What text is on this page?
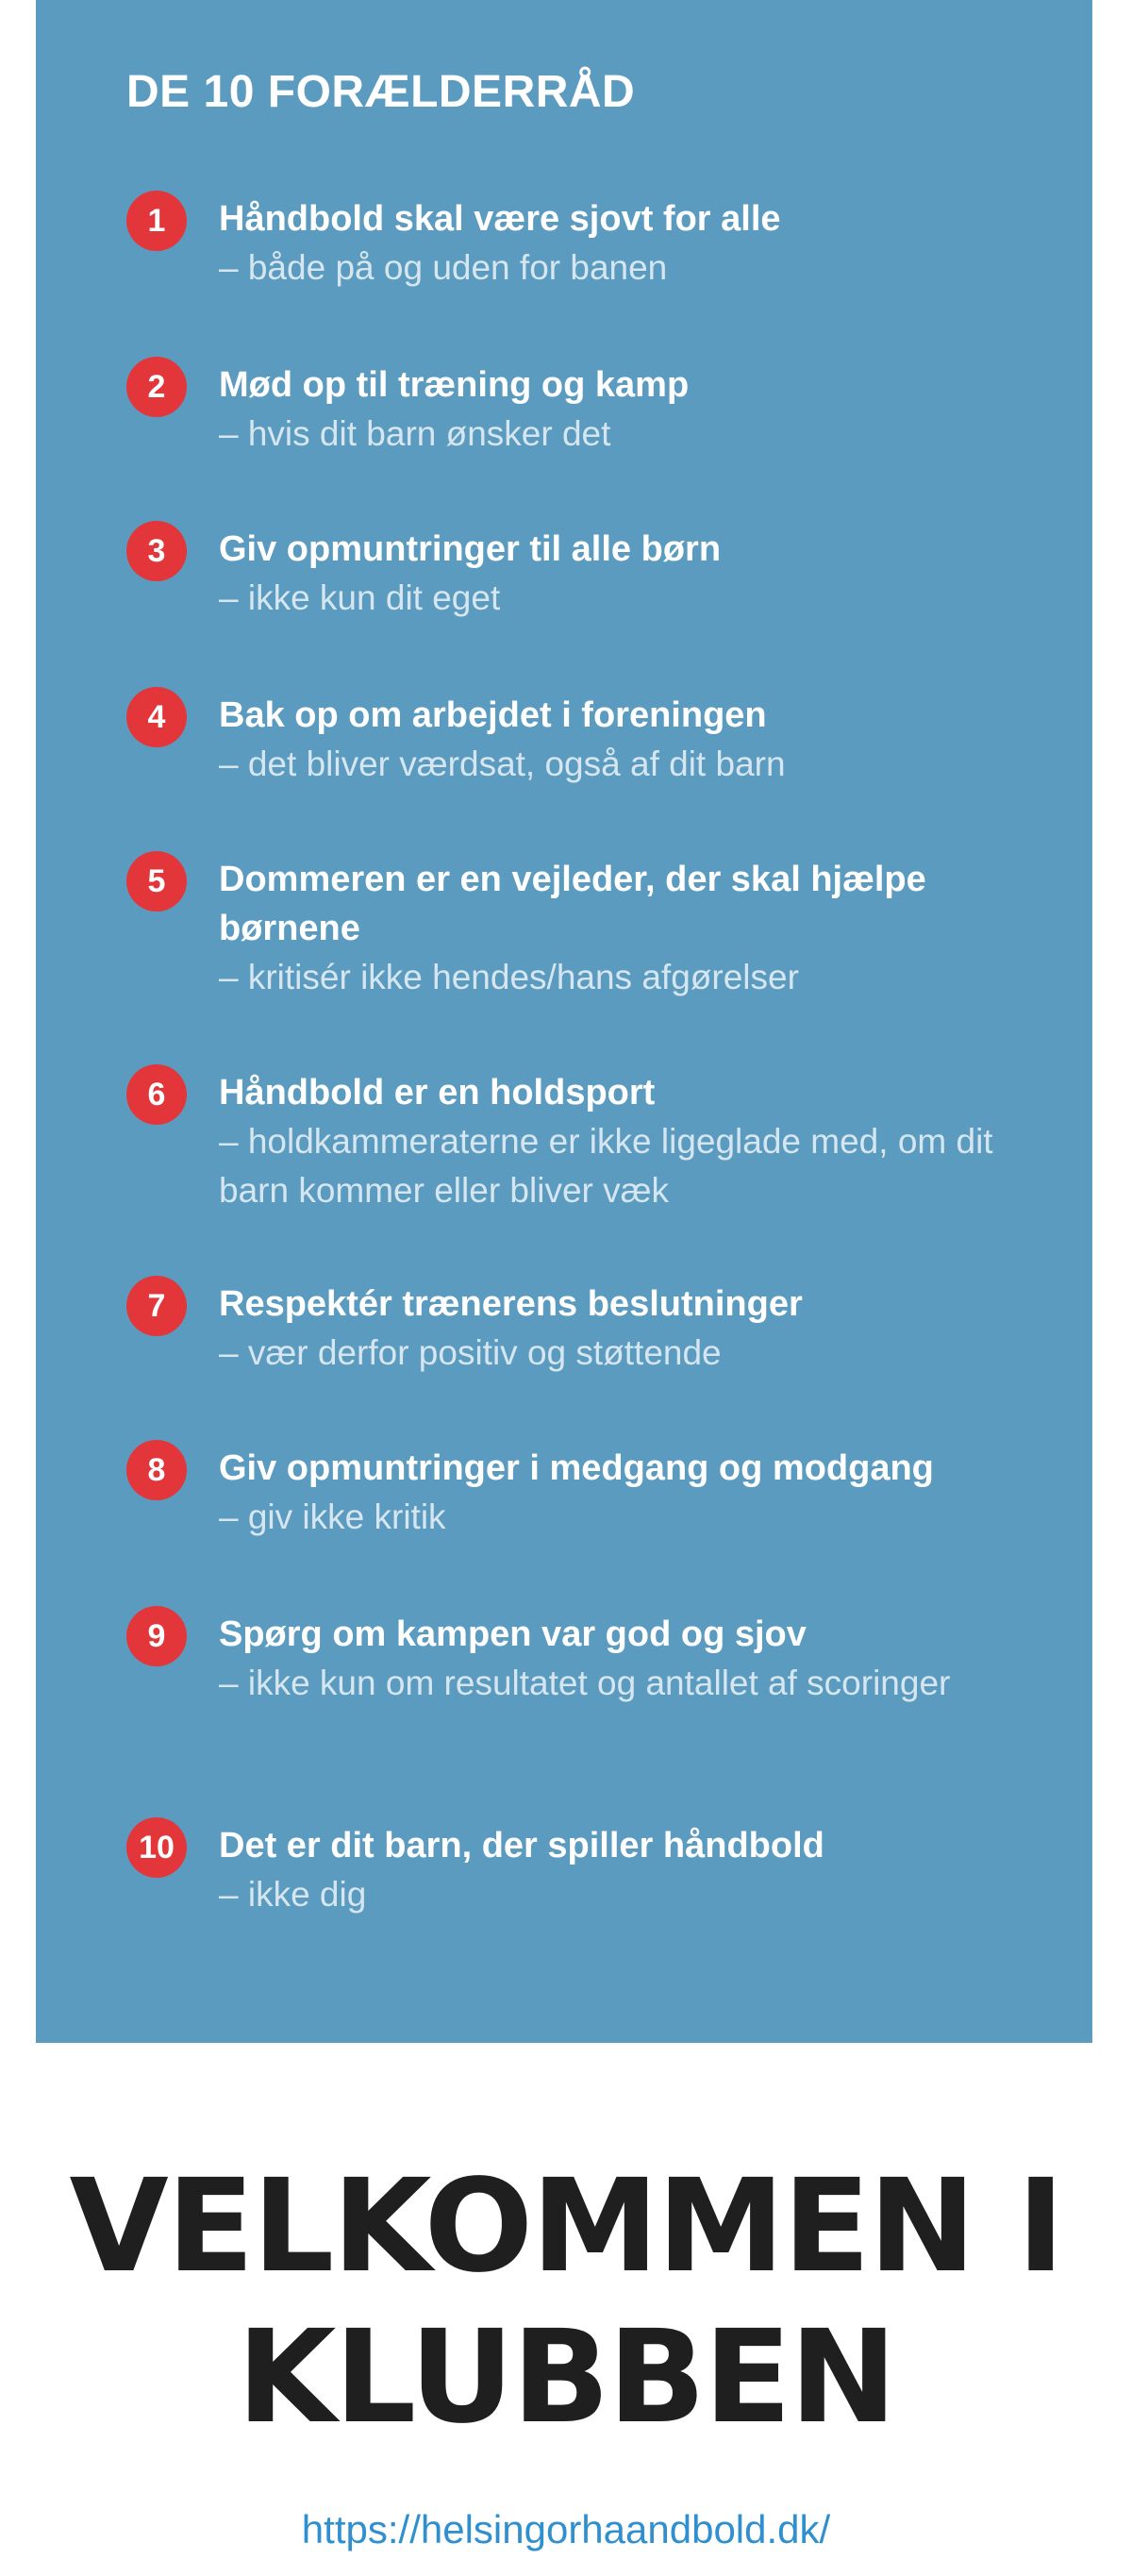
DE 10 FORÆLDERRÅD
1	Håndbold skal være sjovt for alle

– både på og uden for banen

2	Mød op til træning og kamp

– hvis dit barn ønsker det

3	Giv opmuntringer til alle børn

– ikke kun dit eget

4	Bak op om arbejdet i foreningen

– det bliver værdsat, også af dit barn

5	Dommeren er en vejleder, der skal hjælpe børnene

– kritisér ikke hendes/hans afgørelser

6	Håndbold er en holdsport

– holdkammeraterne er ikke ligeglade med, om dit barn kommer eller bliver væk

7	Respektér trænerens beslutninger

– vær derfor positiv og støttende

8	Giv opmuntringer i medgang og modgang

– giv ikke kritik

9	Spørg om kampen var god og sjov

– ikke kun om resultatet og antallet af scoringer

10	Det er dit barn, der spiller håndbold

– ikke dig

VELKOMMEN I
KLUBBEN
https://helsingorhaandbold.dk/
